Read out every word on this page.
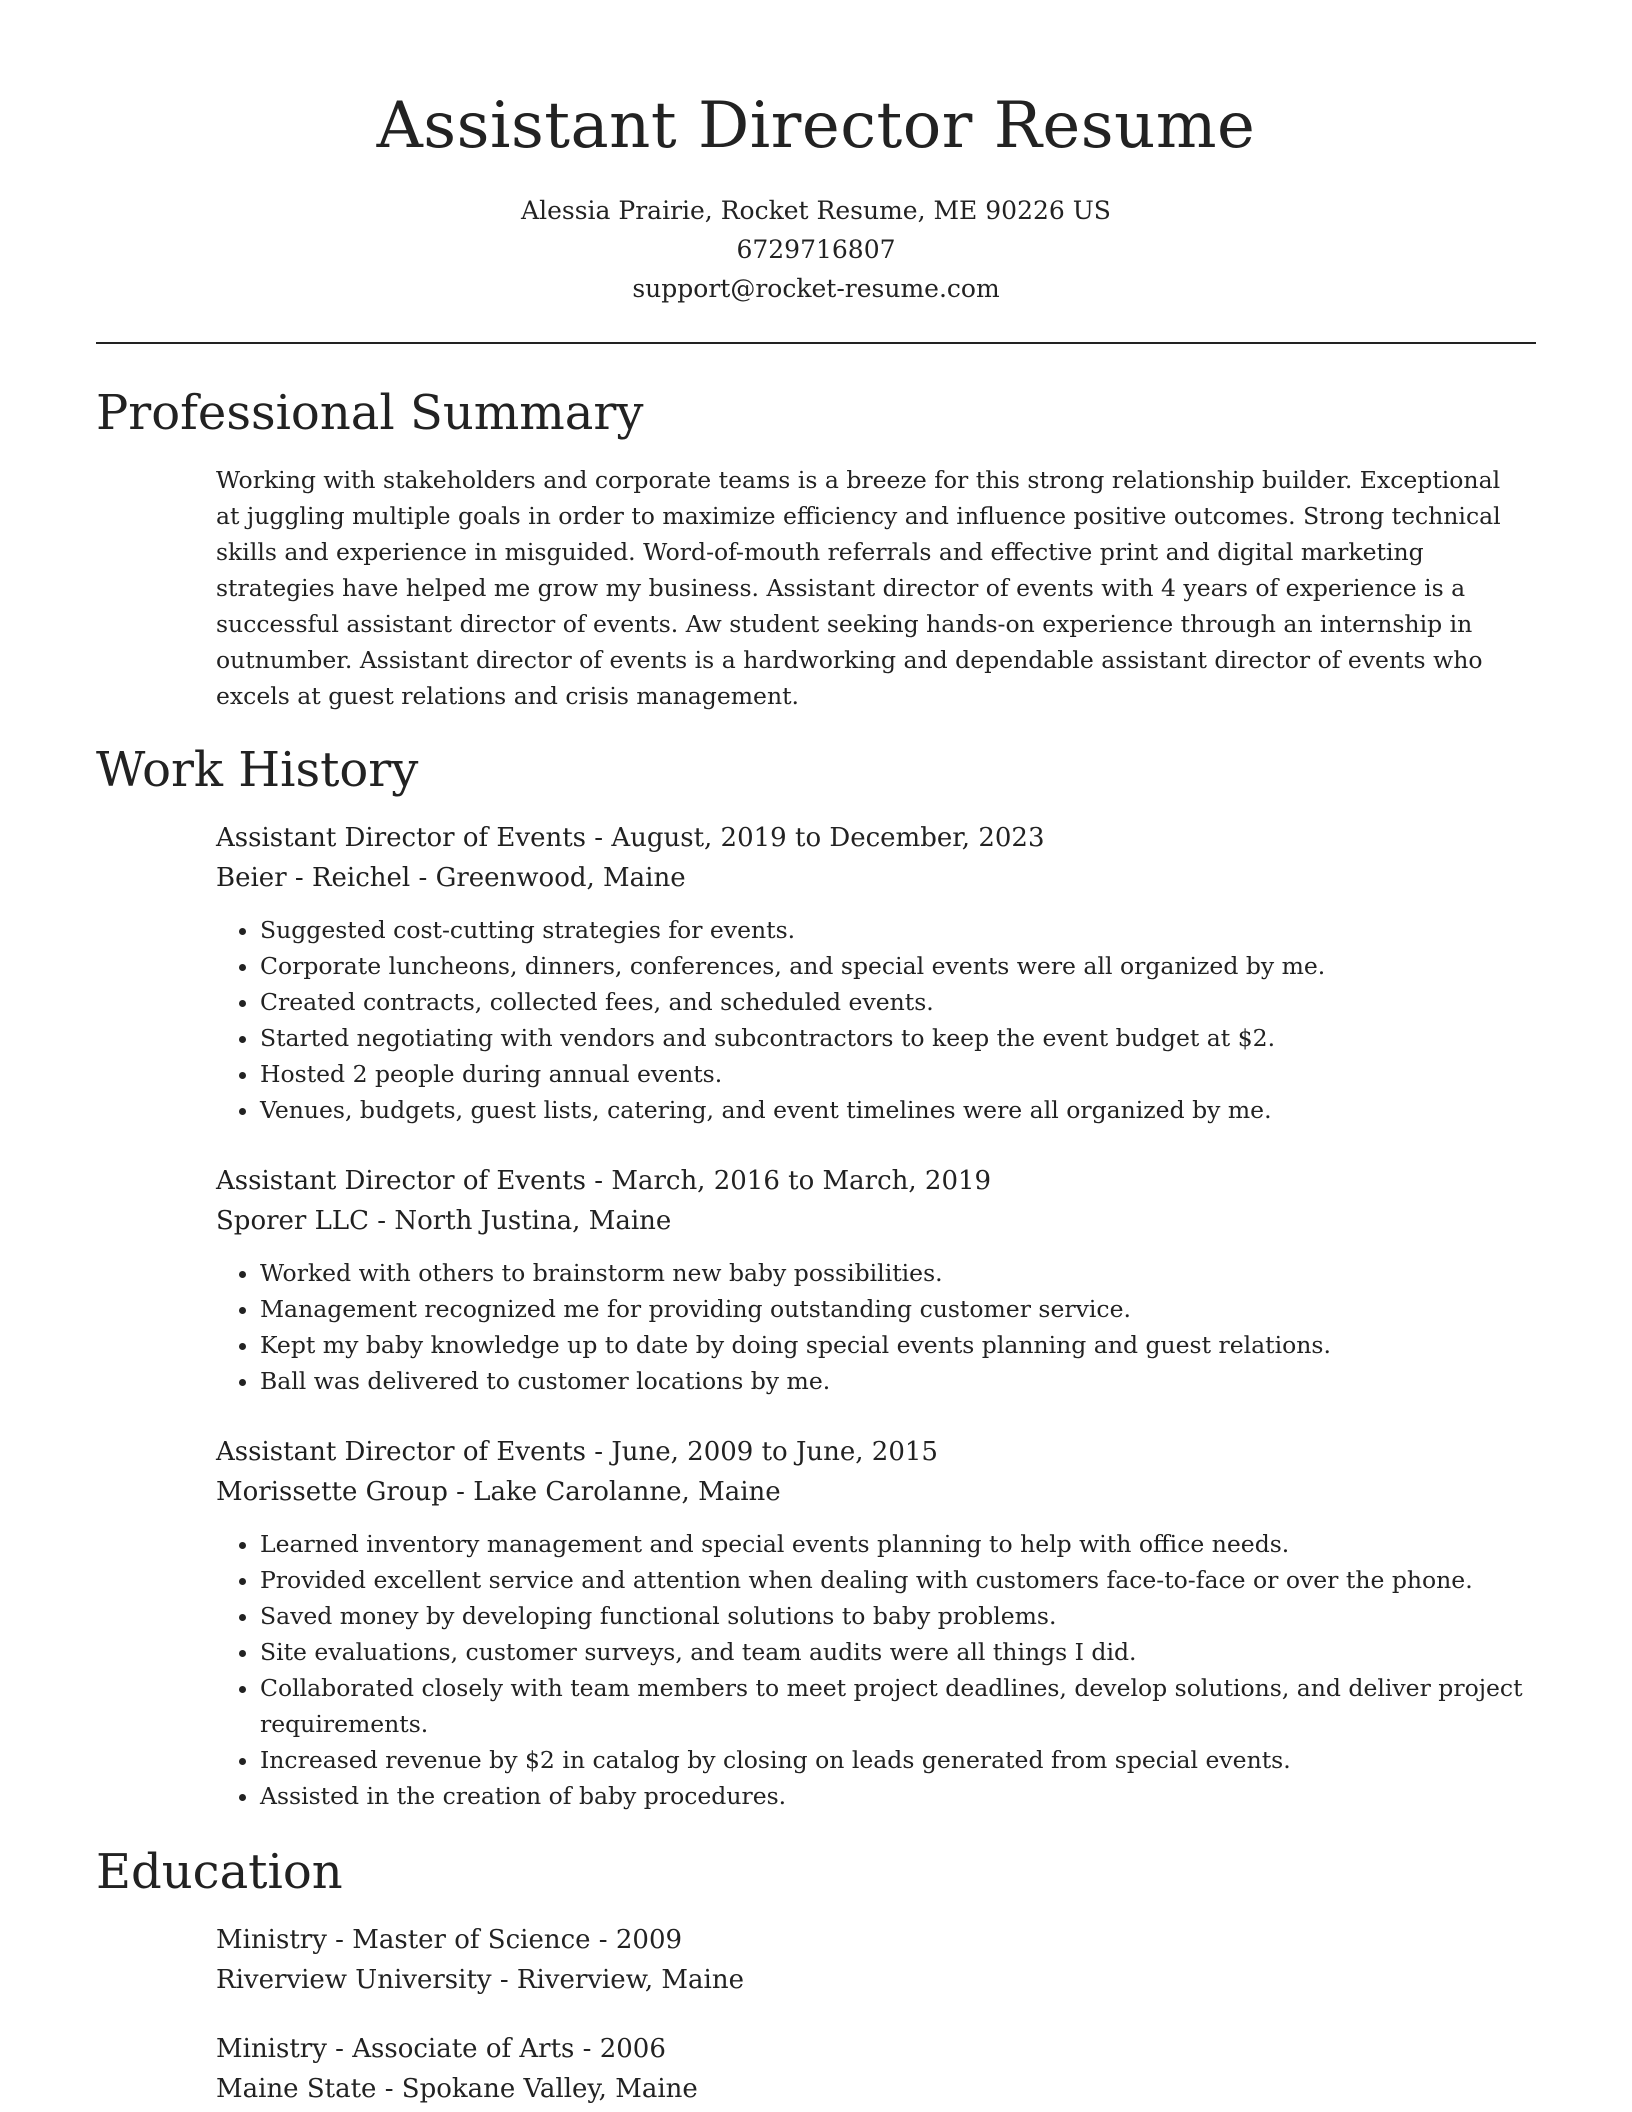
Assistant Director Resume
Alessia Prairie, Rocket Resume, ME 90226 US
6729716807
support@rocket-resume.com
Professional Summary

Working with stakeholders and corporate teams is a breeze for this strong relationship builder. Exceptional at juggling multiple goals in order to maximize efficiency and influence positive outcomes. Strong technical skills and experience in misguided. Word-of-mouth referrals and effective print and digital marketing strategies have helped me grow my business. Assistant director of events with 4 years of experience is a successful assistant director of events. Aw student seeking hands-on experience through an internship in outnumber. Assistant director of events is a hardworking and dependable assistant director of events who excels at guest relations and crisis management.

Work History
Assistant Director of Events - August, 2019 to December, 2023
Beier - Reichel - Greenwood, Maine
• Suggested cost-cutting strategies for events.
• Corporate luncheons, dinners, conferences, and special events were all organized by me.
• Created contracts, collected fees, and scheduled events.
• Started negotiating with vendors and subcontractors to keep the event budget at $2.
• Hosted 2 people during annual events.
• Venues, budgets, guest lists, catering, and event timelines were all organized by me.
Assistant Director of Events - March, 2016 to March, 2019
Sporer LLC - North Justina, Maine
• Worked with others to brainstorm new baby possibilities.
• Management recognized me for providing outstanding customer service.
• Kept my baby knowledge up to date by doing special events planning and guest relations.
• Ball was delivered to customer locations by me.
Assistant Director of Events - June, 2009 to June, 2015
Morissette Group - Lake Carolanne, Maine
• Learned inventory management and special events planning to help with office needs.
• Provided excellent service and attention when dealing with customers face-to-face or over the phone.
• Saved money by developing functional solutions to baby problems.
• Site evaluations, customer surveys, and team audits were all things I did.
• Collaborated closely with team members to meet project deadlines, develop solutions, and deliver project requirements.
• Increased revenue by $2 in catalog by closing on leads generated from special events.
• Assisted in the creation of baby procedures.
Education
Ministry - Master of Science - 2009
Riverview University - Riverview, Maine
Ministry - Associate of Arts - 2006
Maine State - Spokane Valley, Maine
